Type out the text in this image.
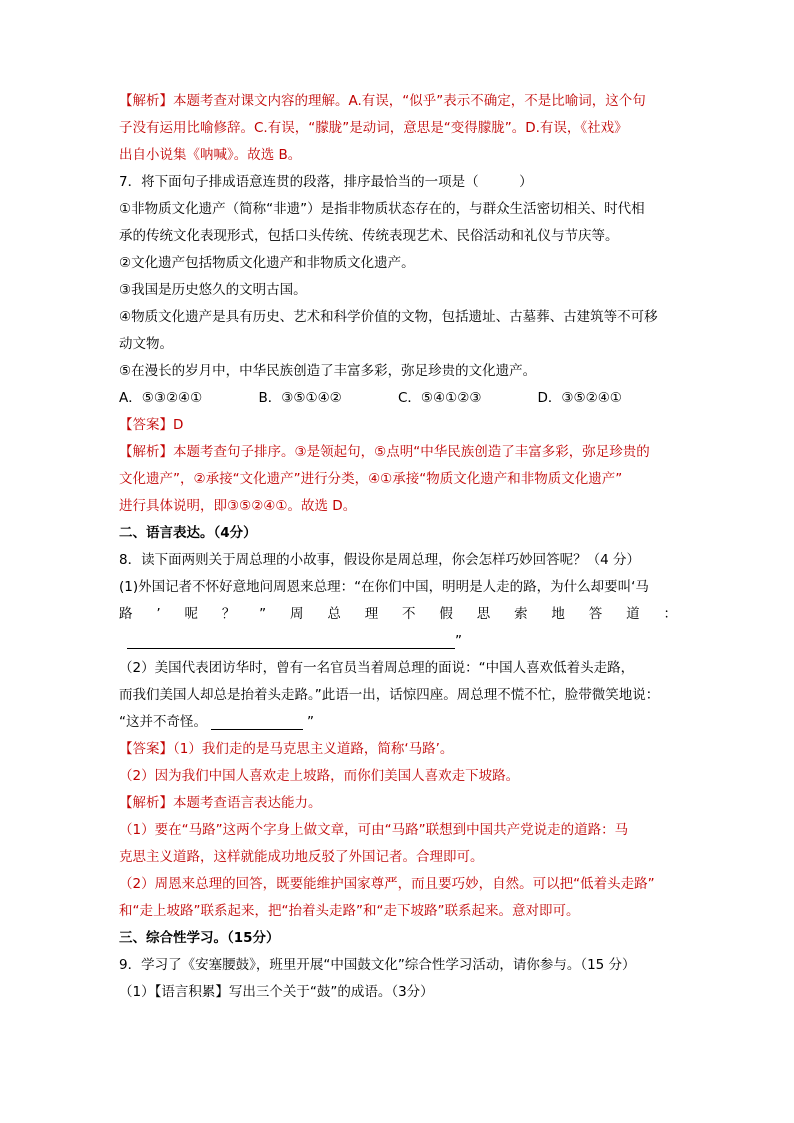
【解析】本题考查对课文内容的理解。A.有误，“似乎”表示不确定，不是比喻词，这个句
子没有运用比喻修辞。C.有误，“朦胧”是动词，意思是“变得朦胧”。D.有误，《社戏》
出自小说集《呐喊》。故选 B。
7．将下面句子排成语意连贯的段落，排序最恰当的一项是（　　　）
①非物质文化遗产（简称“非遗”）是指非物质状态存在的，与群众生活密切相关、时代相
承的传统文化表现形式，包括口头传统、传统表现艺术、民俗活动和礼仪与节庆等。
②文化遗产包括物质文化遗产和非物质文化遗产。
③我国是历史悠久的文明古国。
④物质文化遗产是具有历史、艺术和科学价值的文物，包括遗址、古墓葬、古建筑等不可移
动文物。
⑤在漫长的岁月中，中华民族创造了丰富多彩，弥足珍贵的文化遗产。
A．⑤③②④①	B．③⑤①④②	C．⑤④①②③	D．③⑤②④①
【答案】D
【解析】本题考查句子排序。③是领起句，⑤点明“中华民族创造了丰富多彩，弥足珍贵的
文化遗产”，②承接“文化遗产”进行分类，④①承接“物质文化遗产和非物质文化遗产”
进行具体说明，即③⑤②④①。故选 D。
二、语言表达。（4分）
8．读下面两则关于周总理的小故事，假设你是周总理，你会怎样巧妙回答呢？（4 分）
(1)外国记者不怀好意地问周恩来总理：“在你们中国，明明是人走的路，为什么却要叫‘马
路 ’ 呢 ？ ” 周 总 理 不 假 思 索 地 答 道 ：
”
（2）美国代表团访华时，曾有一名官员当着周总理的面说：“中国人喜欢低着头走路，
而我们美国人却总是抬着头走路。”此语一出，话惊四座。周总理不慌不忙，脸带微笑地说：
“这并不奇怪。	”
【答案】（1）我们走的是马克思主义道路，简称‘马路’。
（2）因为我们中国人喜欢走上坡路，而你们美国人喜欢走下坡路。
【解析】本题考查语言表达能力。
（1）要在“马路”这两个字身上做文章，可由“马路”联想到中国共产党说走的道路：马
克思主义道路，这样就能成功地反驳了外国记者。合理即可。
（2）周恩来总理的回答，既要能维护国家尊严，而且要巧妙，自然。可以把“低着头走路”
和“走上坡路”联系起来，把“抬着头走路”和“走下坡路”联系起来。意对即可。
三、综合性学习。（15分）
9．学习了《安塞腰鼓》，班里开展“中国鼓文化”综合性学习活动，请你参与。（15 分）
（1）【语言积累】写出三个关于“鼓”的成语。（3分）
